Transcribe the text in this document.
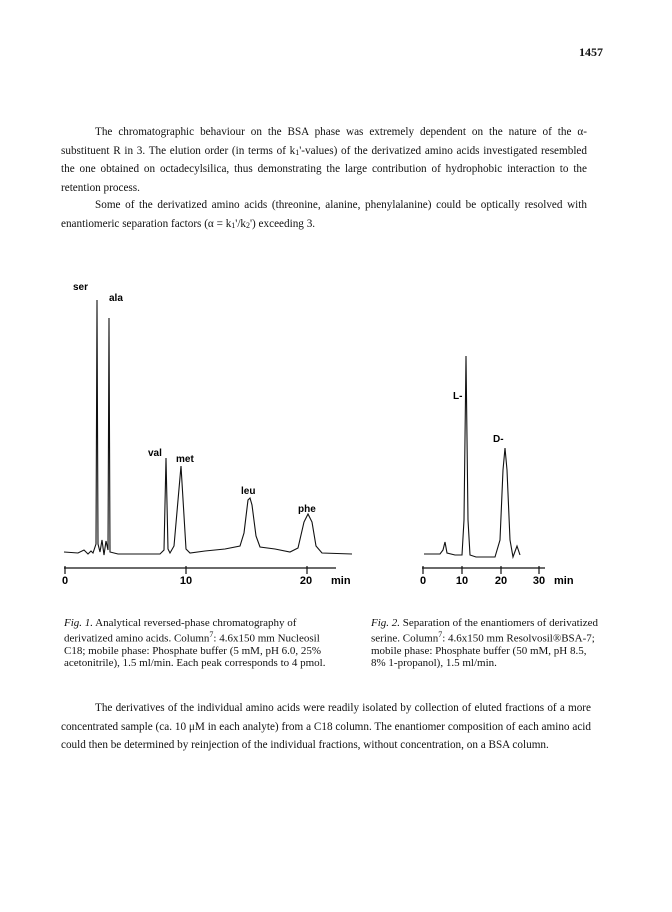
1457

The chromatographic behaviour on the BSA phase was extremely dependent on the nature of the α-substituent R in 3. The elution order (in terms of $k_1'-values$) of the derivatized amino acids investigated resembled the one obtained on octadecylsilica, thus demonstrating the large contribution of hydrophobic interaction to the retention process.

Some of the derivatized amino acids (threonine, alanine, phenylalanine) could be optically resolved with enantiomeric separation factors $(\alpha = k_1'/k_2')$ exceeding 3.

0	10	20 min
ser
ala
val
met
leu
phe
0	10 20 30 min
L-
D-

Fig. 1. Analytical reversed-phase chromatography of derivatized amino acids. Column$^7$: 4.6x150 mm Nucleosil C18; mobile phase: Phosphate buffer (5 mM, pH 6.0, 25% acetonitrile), 1.5 ml/min. Each peak corresponds to 4 pmol.

Fig. 2. Separation of the enantiomers of derivatized serine. Column$^7$: 4.6x150 mm Resolvosil®BSA-7; mobile phase: Phosphate buffer (50 mM, pH 8.5, 8% 1-propanol), 1.5 ml/min.

The derivatives of the individual amino acids were readily isolated by collection of eluted fractions of a more concentrated sample (ca. 10 μM in each analyte) from a C18 column. The enantiomer composition of each amino acid could then be determined by reinjection of the individual fractions, without concentration, on a BSA column.
